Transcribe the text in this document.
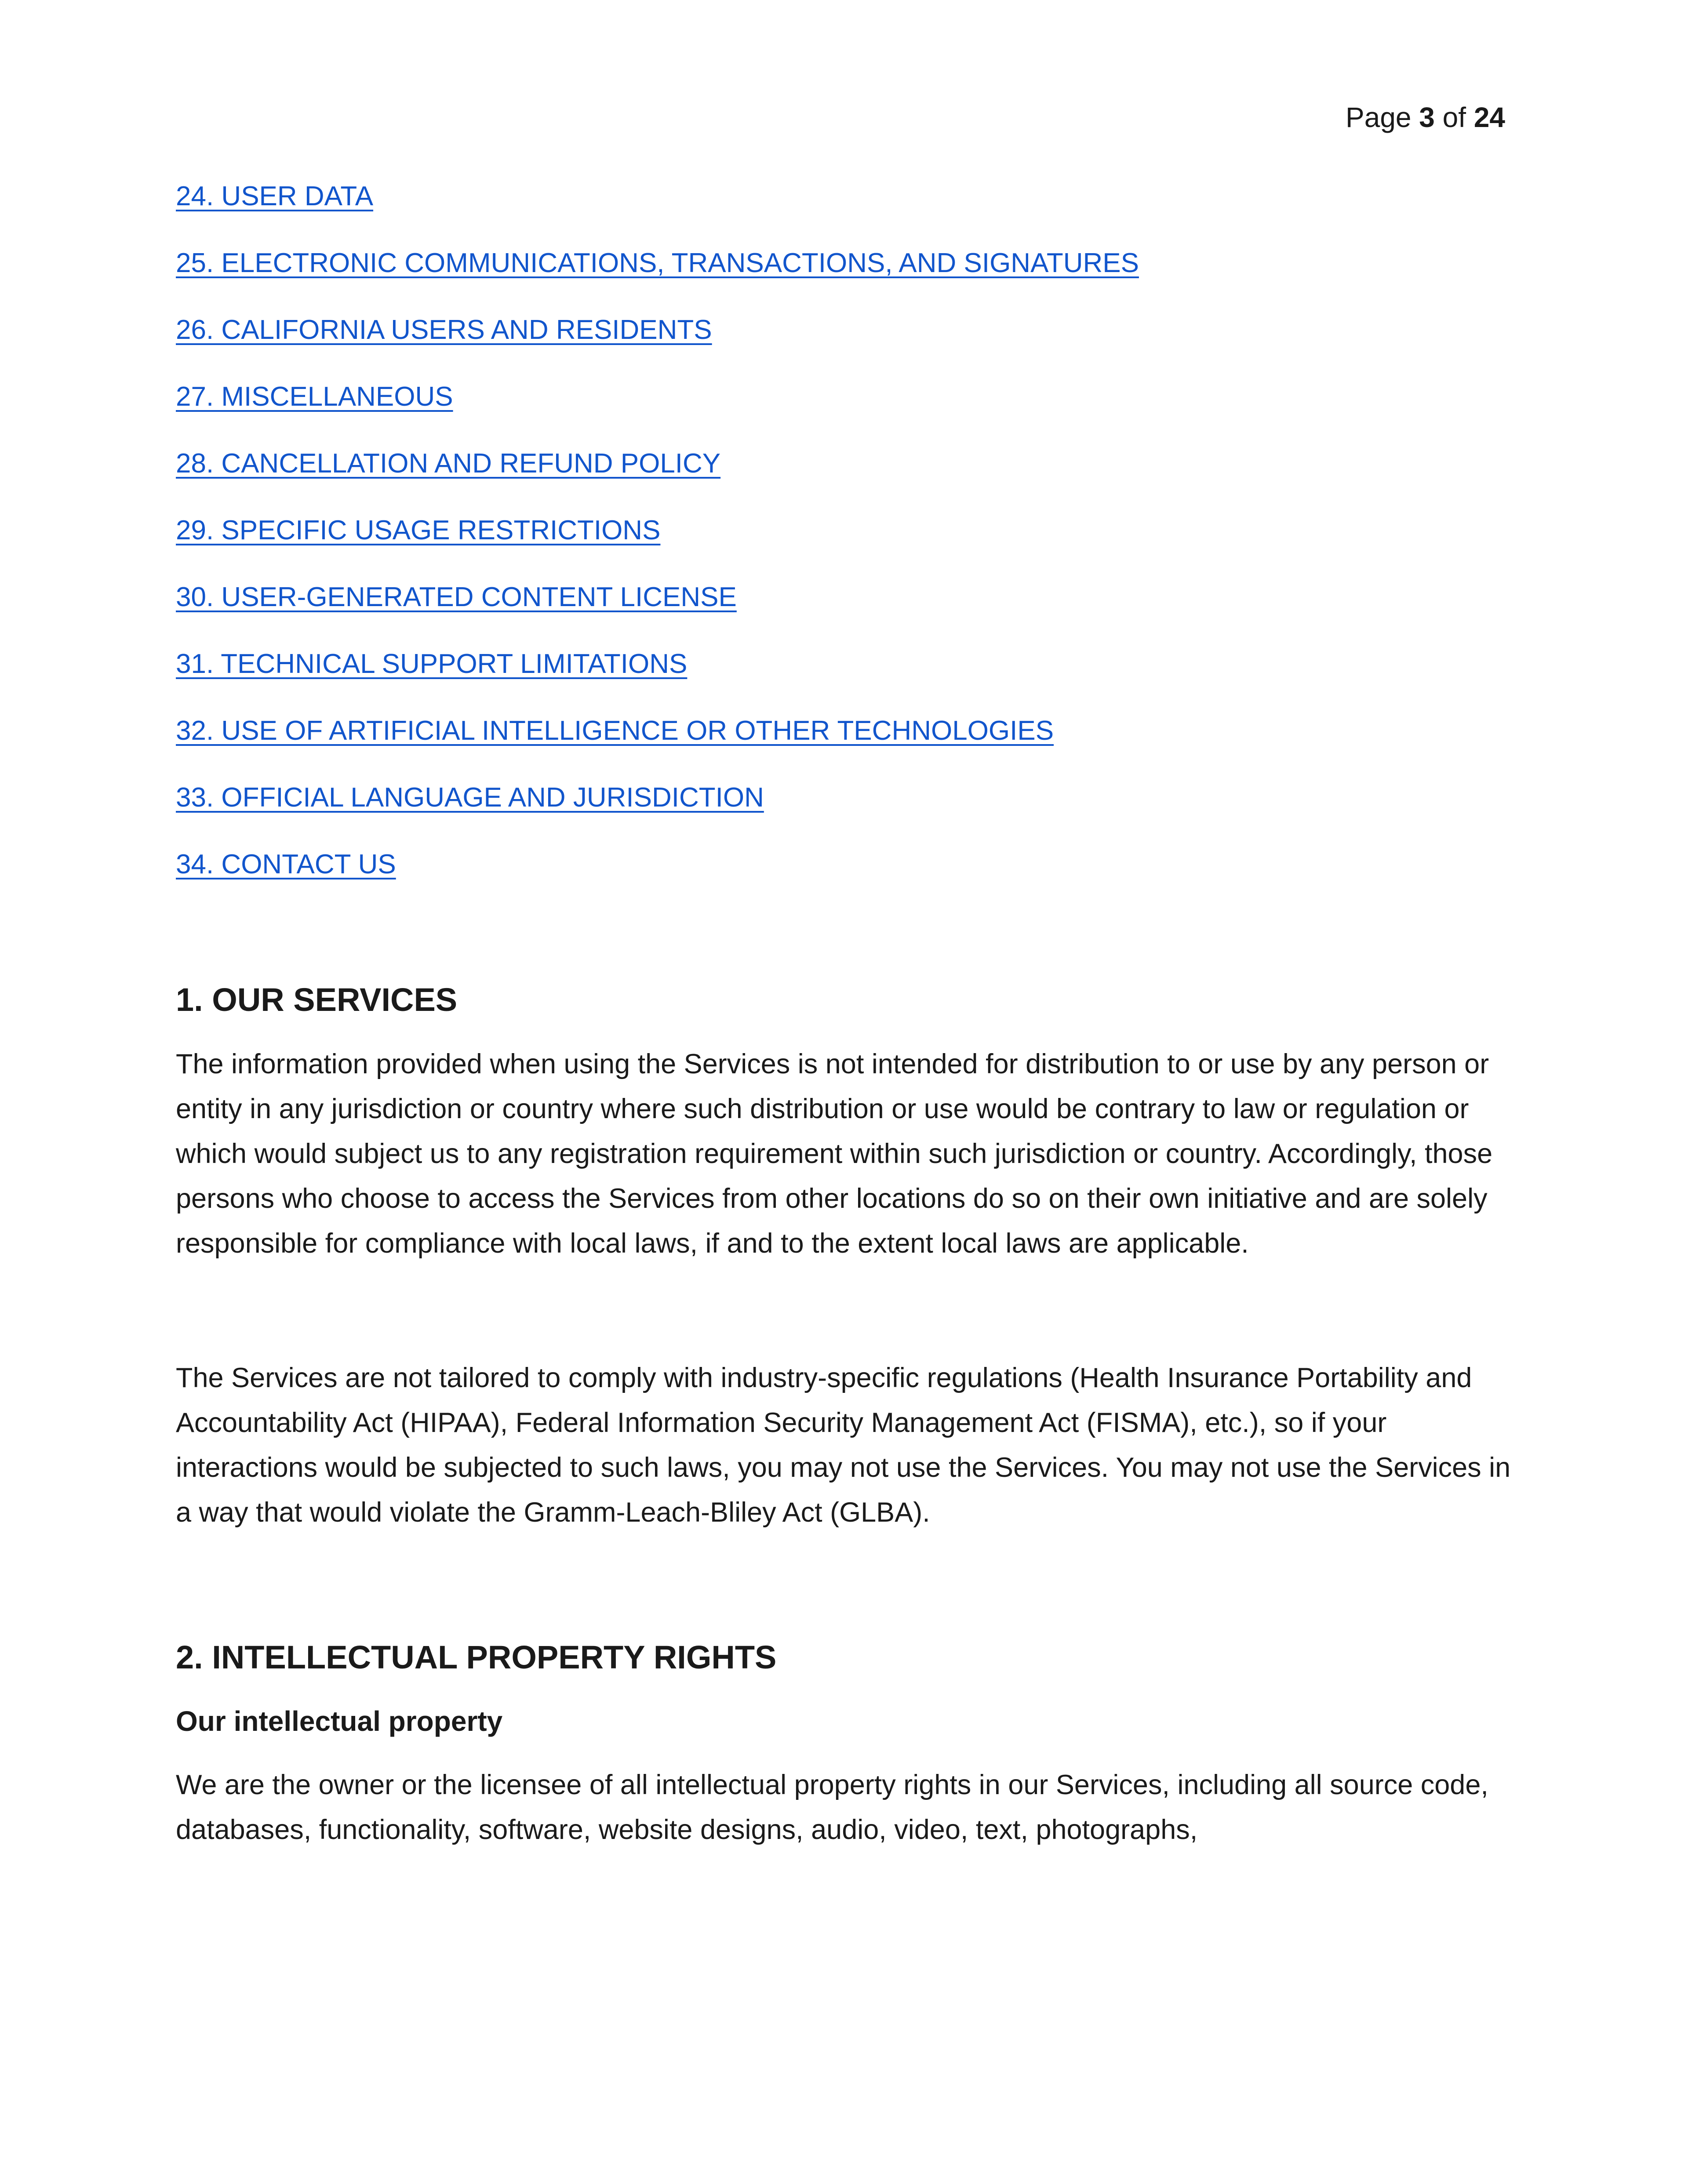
Page 3 of 24
24. USER DATA
25. ELECTRONIC COMMUNICATIONS, TRANSACTIONS, AND SIGNATURES
26. CALIFORNIA USERS AND RESIDENTS
27. MISCELLANEOUS
28. CANCELLATION AND REFUND POLICY
29. SPECIFIC USAGE RESTRICTIONS
30. USER-GENERATED CONTENT LICENSE
31. TECHNICAL SUPPORT LIMITATIONS
32. USE OF ARTIFICIAL INTELLIGENCE OR OTHER TECHNOLOGIES
33. OFFICIAL LANGUAGE AND JURISDICTION
34. CONTACT US
1. OUR SERVICES

The information provided when using the Services is not intended for distribution to or use by any person or entity in any jurisdiction or country where such distribution or use would be contrary to law or regulation or which would subject us to any registration requirement within such jurisdiction or country. Accordingly, those persons who choose to access the Services from other locations do so on their own initiative and are solely responsible for compliance with local laws, if and to the extent local laws are applicable.

The Services are not tailored to comply with industry-specific regulations (Health Insurance Portability and Accountability Act (HIPAA), Federal Information Security Management Act (FISMA), etc.), so if your interactions would be subjected to such laws, you may not use the Services. You may not use the Services in a way that would violate the Gramm-Leach-Bliley Act (GLBA).

2. INTELLECTUAL PROPERTY RIGHTS
Our intellectual property

We are the owner or the licensee of all intellectual property rights in our Services, including all source code, databases, functionality, software, website designs, audio, video, text, photographs,
